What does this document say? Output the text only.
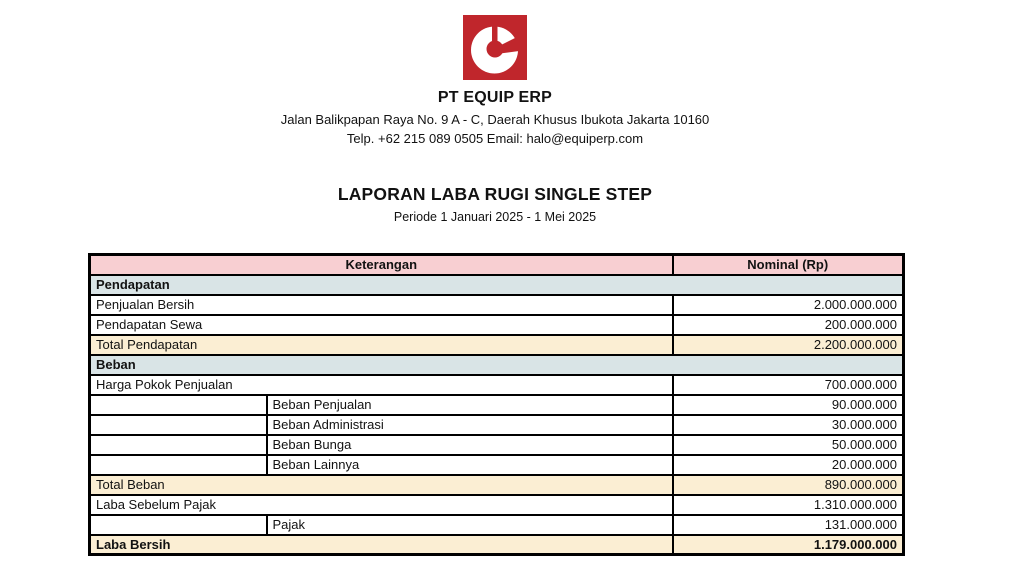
PT EQUIP ERP
Jalan Balikpapan Raya No. 9 A - C, Daerah Khusus Ibukota Jakarta 10160
Telp. +62 215 089 0505 Email: halo@equiperp.com
LAPORAN LABA RUGI SINGLE STEP
Periode 1 Januari 2025 - 1 Mei 2025
Keterangan		Nominal (Rp)
Pendapatan		
Penjualan Bersih		2.000.000.000
Pendapatan Sewa		200.000.000
Total Pendapatan		2.200.000.000
Beban		
Harga Pokok Penjualan		700.000.000
	Beban Penjualan	90.000.000
	Beban Administrasi	30.000.000
	Beban Bunga	50.000.000
	Beban Lainnya	20.000.000
Total Beban		890.000.000
Laba Sebelum Pajak		1.310.000.000
	Pajak	131.000.000
Laba Bersih		1.179.000.000
